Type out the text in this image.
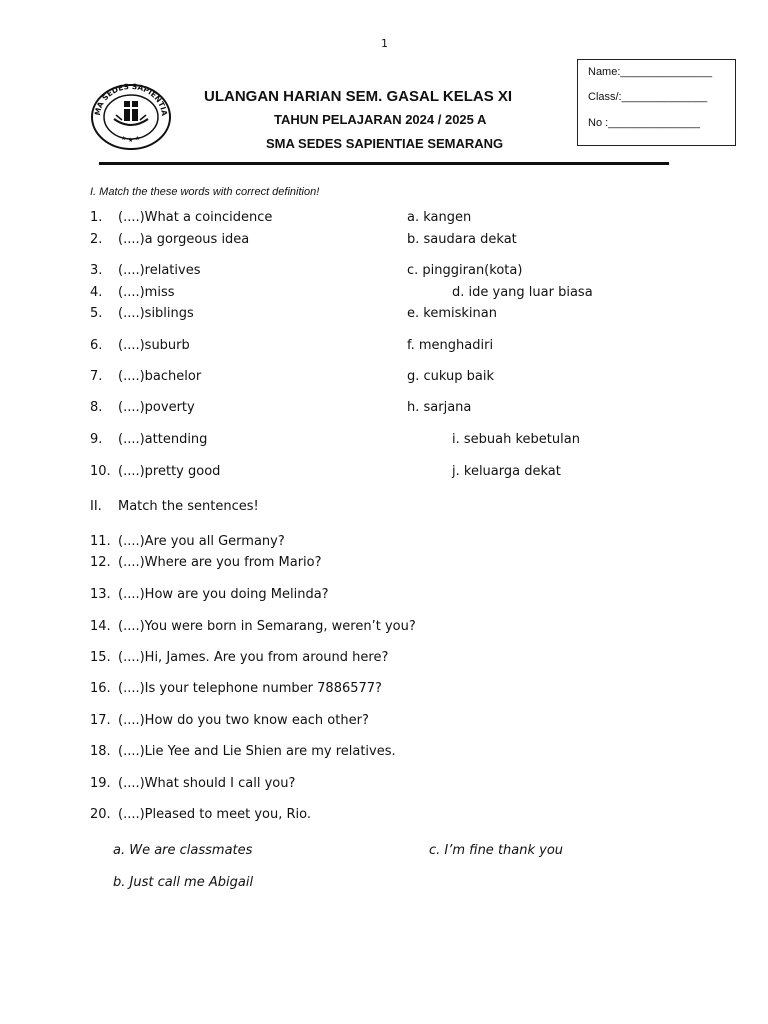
1
Name:_______________
Class/:______________
No :_______________
MA SEDES SAPIENTIA
★ ★ ★
ULANGAN HARIAN SEM. GASAL KELAS XI
TAHUN PELAJARAN 2024 / 2025 A
SMA SEDES SAPIENTIAE SEMARANG
I. Match the these words with correct definition!
1. (....)What a coincidence
2. (....)a gorgeous idea
3. (....)relatives
4. (....)miss
5. (....)siblings
6. (....)suburb
7. (....)bachelor
8. (....)poverty
9. (....)attending
10. (....)pretty good
a. kangen
b. saudara dekat
c. pinggiran(kota)
d. ide yang luar biasa
e. kemiskinan
f. menghadiri
g. cukup baik
h. sarjana
i. sebuah kebetulan
j. keluarga dekat
II. Match the sentences!
11. (....)Are you all Germany?
12. (....)Where are you from Mario?
13. (....)How are you doing Melinda?
14. (....)You were born in Semarang, weren’t you?
15. (....)Hi, James. Are you from around here?
16. (....)Is your telephone number 7886577?
17. (....)How do you two know each other?
18. (....)Lie Yee and Lie Shien are my relatives.
19. (....)What should I call you?
20. (....)Pleased to meet you, Rio.
a. We are classmates	c. I’m fine thank you
b. Just call me Abigail
